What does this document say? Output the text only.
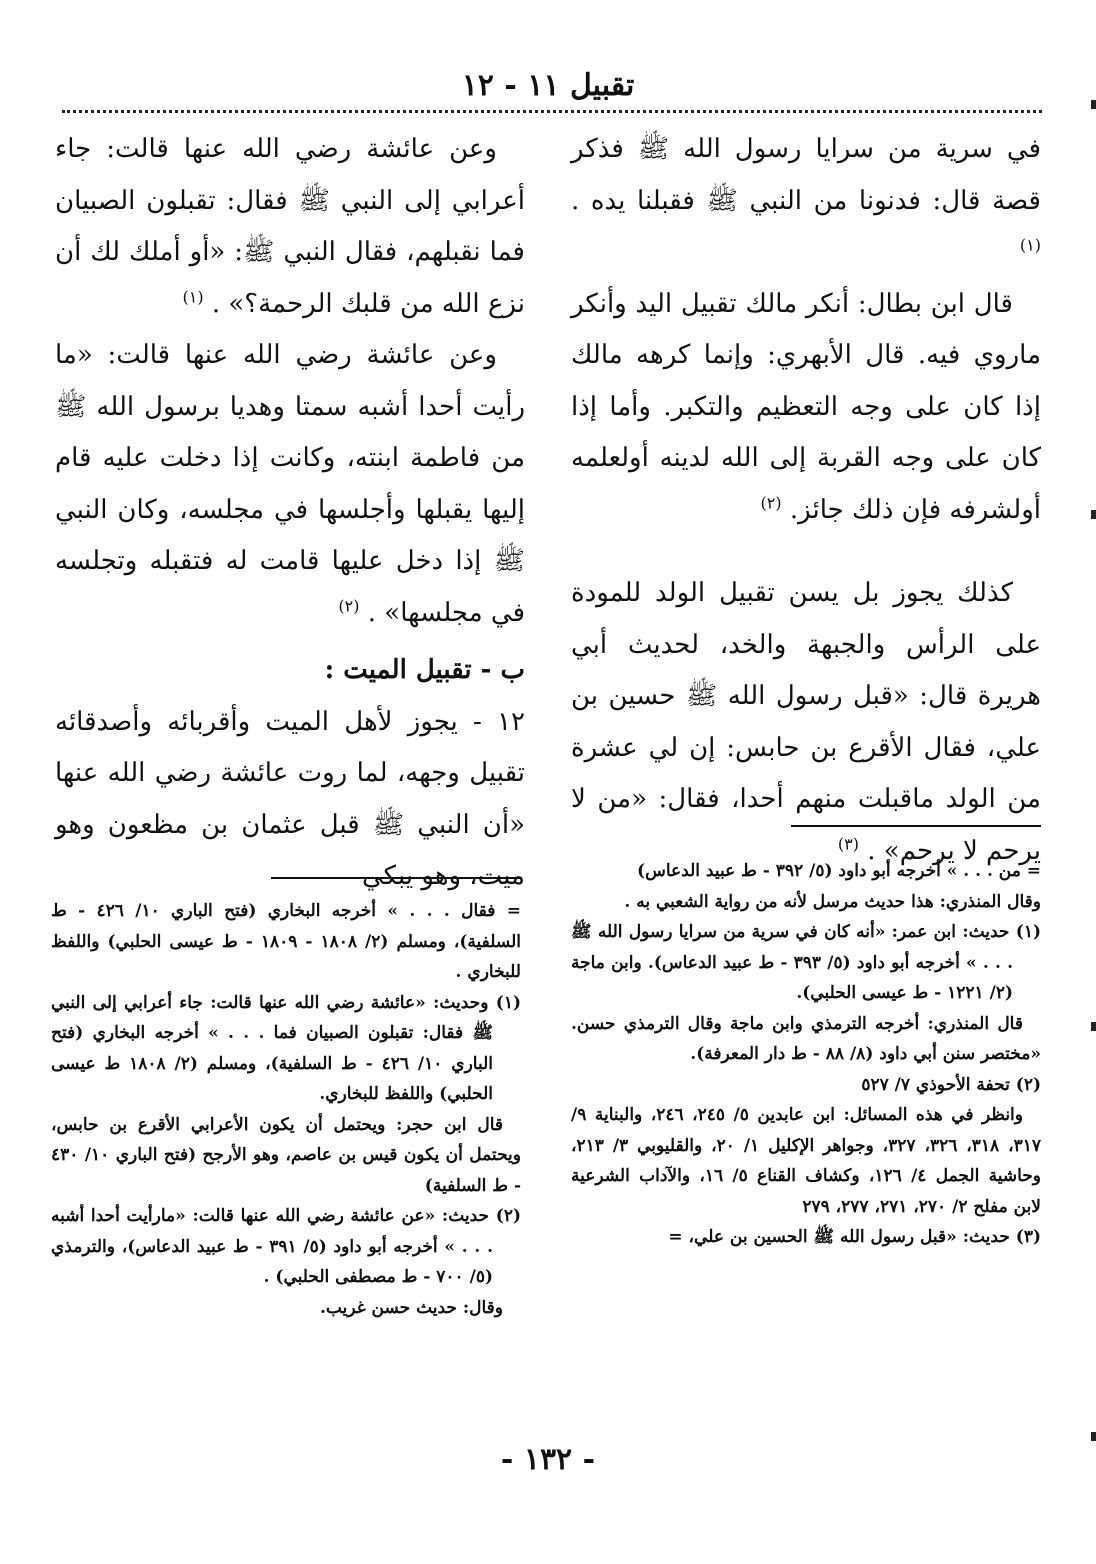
تقبيل ١١ - ١٢

في سرية من سرايا رسول الله ﷺ فذكر قصة قال: فدنونا من النبي ﷺ فقبلنا يده . $^{(١)}$

قال ابن بطال: أنكر مالك تقبيل اليد وأنكر ماروي فيه. قال الأبهري: وإنما كرهه مالك إذا كان على وجه التعظيم والتكبر. وأما إذا كان على وجه القربة إلى الله لدينه أولعلمه أولشرفه فإن ذلك جائز. $^{(٢)}$

كذلك يجوز بل يسن تقبيل الولد للمودة على الرأس والجبهة والخد، لحديث أبي هريرة قال: «قبل رسول الله ﷺ حسين بن علي، فقال الأقرع بن حابس: إن لي عشرة من الولد ماقبلت منهم أحدا، فقال: «من لا يرحم لا يرحم» . $^{(٣)}$

وعن عائشة رضي الله عنها قالت: جاء أعرابي إلى النبي ﷺ فقال: تقبلون الصبيان فما نقبلهم، فقال النبي ﷺ: «أو أملك لك أن نزع الله من قلبك الرحمة؟» . $^{(١)}$

وعن عائشة رضي الله عنها قالت: «ما رأيت أحدا أشبه سمتا وهديا برسول الله ﷺ من فاطمة ابنته، وكانت إذا دخلت عليه قام إليها يقبلها وأجلسها في مجلسه، وكان النبي ﷺ إذا دخل عليها قامت له فتقبله وتجلسه في مجلسها» . $^{(٢)}$

ب - تقبيل الميت :

١٢ - يجوز لأهل الميت وأقربائه وأصدقائه تقبيل وجهه، لما روت عائشة رضي الله عنها «أن النبي ﷺ قبل عثمان بن مظعون وهو ميت، وهو يبكي	= من . . . » أخرجه أبو داود (٥/ ٣٩٢ - ط عبيد الدعاس)

وقال المنذري: هذا حديث مرسل لأنه من رواية الشعبي به .

(١) حديث: ابن عمر: «أنه كان في سرية من سرايا رسول الله ﷺ . . . » أخرجه أبو داود (٥/ ٣٩٣ - ط عبيد الدعاس). وابن ماجة (٢/ ١٢٢١ - ط عيسى الحلبي).

قال المنذري: أخرجه الترمذي وابن ماجة وقال الترمذي حسن. «مختصر سنن أبي داود (٨/ ٨٨ - ط دار المعرفة).

(٢) تحفة الأحوذي ٧/ ٥٢٧

وانظر في هذه المسائل: ابن عابدين ٥/ ٢٤٥، ٢٤٦، والبناية ٩/ ٣١٧، ٣١٨، ٣٢٦، ٣٢٧، وجواهر الإكليل ١/ ٢٠، والقليوبي ٣/ ٢١٣، وحاشية الجمل ٤/ ١٢٦، وكشاف القناع ٥/ ١٦، والآداب الشرعية لابن مفلح ٢/ ٢٧٠، ٢٧١، ٢٧٧، ٢٧٩

(٣) حديث: «قبل رسول الله ﷺ الحسين بن علي، =

= فقال . . . » أخرجه البخاري (فتح الباري ١٠/ ٤٢٦ - ط السلفية)، ومسلم (٢/ ١٨٠٨ - ١٨٠٩ - ط عيسى الحلبي) واللفظ للبخاري .

(١) وحديث: «عائشة رضي الله عنها قالت: جاء أعرابي إلى النبي ﷺ فقال: تقبلون الصبيان فما . . . » أخرجه البخاري (فتح الباري ١٠/ ٤٢٦ - ط السلفية)، ومسلم (٢/ ١٨٠٨ ط عيسى الحلبي) واللفظ للبخاري.

قال ابن حجر: ويحتمل أن يكون الأعرابي الأقرع بن حابس، ويحتمل أن يكون قيس بن عاصم، وهو الأرجح (فتح الباري ١٠/ ٤٣٠ - ط السلفية)

(٢) حديث: «عن عائشة رضي الله عنها قالت: «مارأيت أحدا أشبه . . . » أخرجه أبو داود (٥/ ٣٩١ - ط عبيد الدعاس)، والترمذي (٥/ ٧٠٠ - ط مصطفى الحلبي) .

وقال: حديث حسن غريب.

- ١٣٢ -
